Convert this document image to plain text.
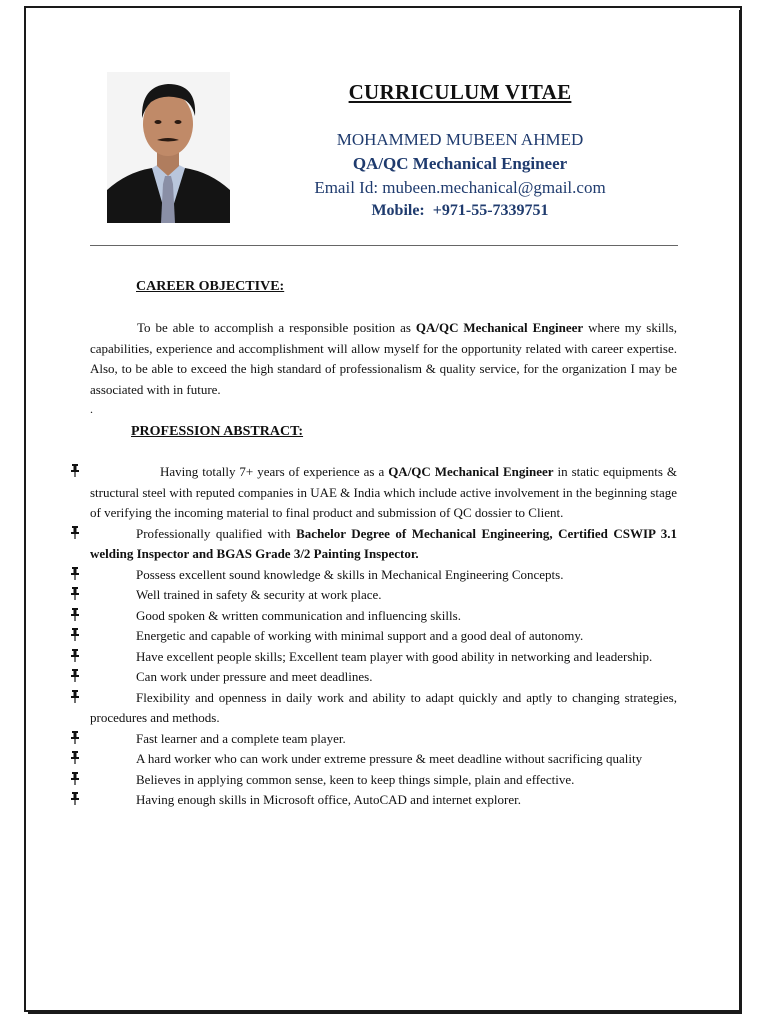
CURRICULUM VITAE
MOHAMMED MUBEEN AHMED
QA/QC Mechanical Engineer
Email Id: mubeen.mechanical@gmail.com
Mobile: +971-55-7339751
CAREER OBJECTIVE:
To be able to accomplish a responsible position as QA/QC Mechanical Engineer where my skills, capabilities, experience and accomplishment will allow myself for the opportunity related with career expertise. Also, to be able to exceed the high standard of professionalism & quality service, for the organization I may be associated with in future.
.
PROFESSION ABSTRACT:
Having totally 7+ years of experience as a QA/QC Mechanical Engineer in static equipments & structural steel with reputed companies in UAE & India which include active involvement in the beginning stage of verifying the incoming material to final product and submission of QC dossier to Client.
Professionally qualified with Bachelor Degree of Mechanical Engineering, Certified CSWIP 3.1 welding Inspector and BGAS Grade 3/2 Painting Inspector.
Possess excellent sound knowledge & skills in Mechanical Engineering Concepts.
Well trained in safety & security at work place.
Good spoken & written communication and influencing skills.
Energetic and capable of working with minimal support and a good deal of autonomy.
Have excellent people skills; Excellent team player with good ability in networking and leadership.
Can work under pressure and meet deadlines.
Flexibility and openness in daily work and ability to adapt quickly and aptly to changing strategies, procedures and methods.
Fast learner and a complete team player.
A hard worker who can work under extreme pressure & meet deadline without sacrificing quality
Believes in applying common sense, keen to keep things simple, plain and effective.
Having enough skills in Microsoft office, AutoCAD and internet explorer.
